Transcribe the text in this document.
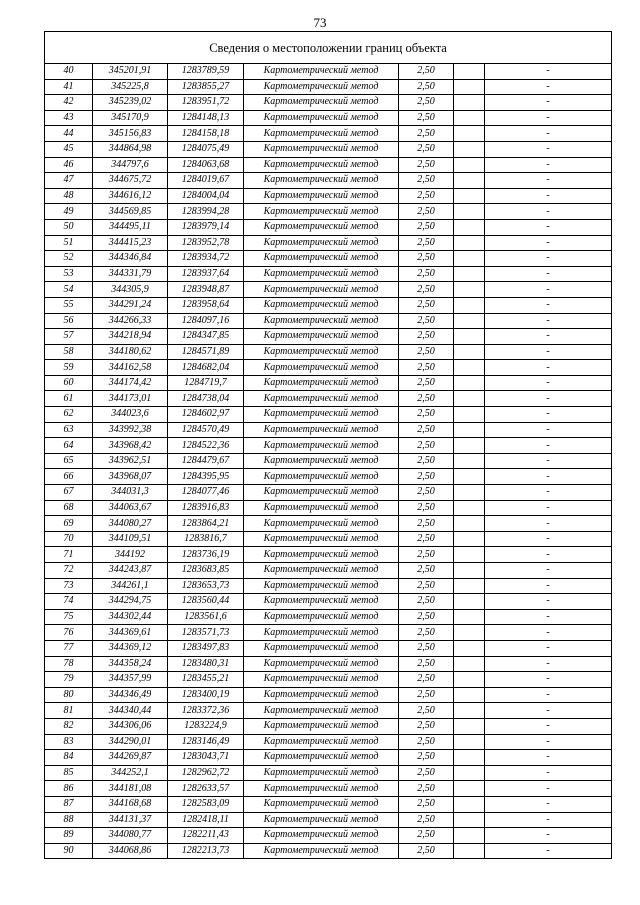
73
Сведения о местоположении границ объекта						
40	345201,91	1283789,59	Картометрический метод	2,50		-
41	345225,8	1283855,27	Картометрический метод	2,50		-
42	345239,02	1283951,72	Картометрический метод	2,50		-
43	345170,9	1284148,13	Картометрический метод	2,50		-
44	345156,83	1284158,18	Картометрический метод	2,50		-
45	344864,98	1284075,49	Картометрический метод	2,50		-
46	344797,6	1284063,68	Картометрический метод	2,50		-
47	344675,72	1284019,67	Картометрический метод	2,50		-
48	344616,12	1284004,04	Картометрический метод	2,50		-
49	344569,85	1283994,28	Картометрический метод	2,50		-
50	344495,11	1283979,14	Картометрический метод	2,50		-
51	344415,23	1283952,78	Картометрический метод	2,50		-
52	344346,84	1283934,72	Картометрический метод	2,50		-
53	344331,79	1283937,64	Картометрический метод	2,50		-
54	344305,9	1283948,87	Картометрический метод	2,50		-
55	344291,24	1283958,64	Картометрический метод	2,50		-
56	344266,33	1284097,16	Картометрический метод	2,50		-
57	344218,94	1284347,85	Картометрический метод	2,50		-
58	344180,62	1284571,89	Картометрический метод	2,50		-
59	344162,58	1284682,04	Картометрический метод	2,50		-
60	344174,42	1284719,7	Картометрический метод	2,50		-
61	344173,01	1284738,04	Картометрический метод	2,50		-
62	344023,6	1284602,97	Картометрический метод	2,50		-
63	343992,38	1284570,49	Картометрический метод	2,50		-
64	343968,42	1284522,36	Картометрический метод	2,50		-
65	343962,51	1284479,67	Картометрический метод	2,50		-
66	343968,07	1284395,95	Картометрический метод	2,50		-
67	344031,3	1284077,46	Картометрический метод	2,50		-
68	344063,67	1283916,83	Картометрический метод	2,50		-
69	344080,27	1283864,21	Картометрический метод	2,50		-
70	344109,51	1283816,7	Картометрический метод	2,50		-
71	344192	1283736,19	Картометрический метод	2,50		-
72	344243,87	1283683,85	Картометрический метод	2,50		-
73	344261,1	1283653,73	Картометрический метод	2,50		-
74	344294,75	1283560,44	Картометрический метод	2,50		-
75	344302,44	1283561,6	Картометрический метод	2,50		-
76	344369,61	1283571,73	Картометрический метод	2,50		-
77	344369,12	1283497,83	Картометрический метод	2,50		-
78	344358,24	1283480,31	Картометрический метод	2,50		-
79	344357,99	1283455,21	Картометрический метод	2,50		-
80	344346,49	1283400,19	Картометрический метод	2,50		-
81	344340,44	1283372,36	Картометрический метод	2,50		-
82	344306,06	1283224,9	Картометрический метод	2,50		-
83	344290,01	1283146,49	Картометрический метод	2,50		-
84	344269,87	1283043,71	Картометрический метод	2,50		-
85	344252,1	1282962,72	Картометрический метод	2,50		-
86	344181,08	1282633,57	Картометрический метод	2,50		-
87	344168,68	1282583,09	Картометрический метод	2,50		-
88	344131,37	1282418,11	Картометрический метод	2,50		-
89	344080,77	1282211,43	Картометрический метод	2,50		-
90	344068,86	1282213,73	Картометрический метод	2,50		-
